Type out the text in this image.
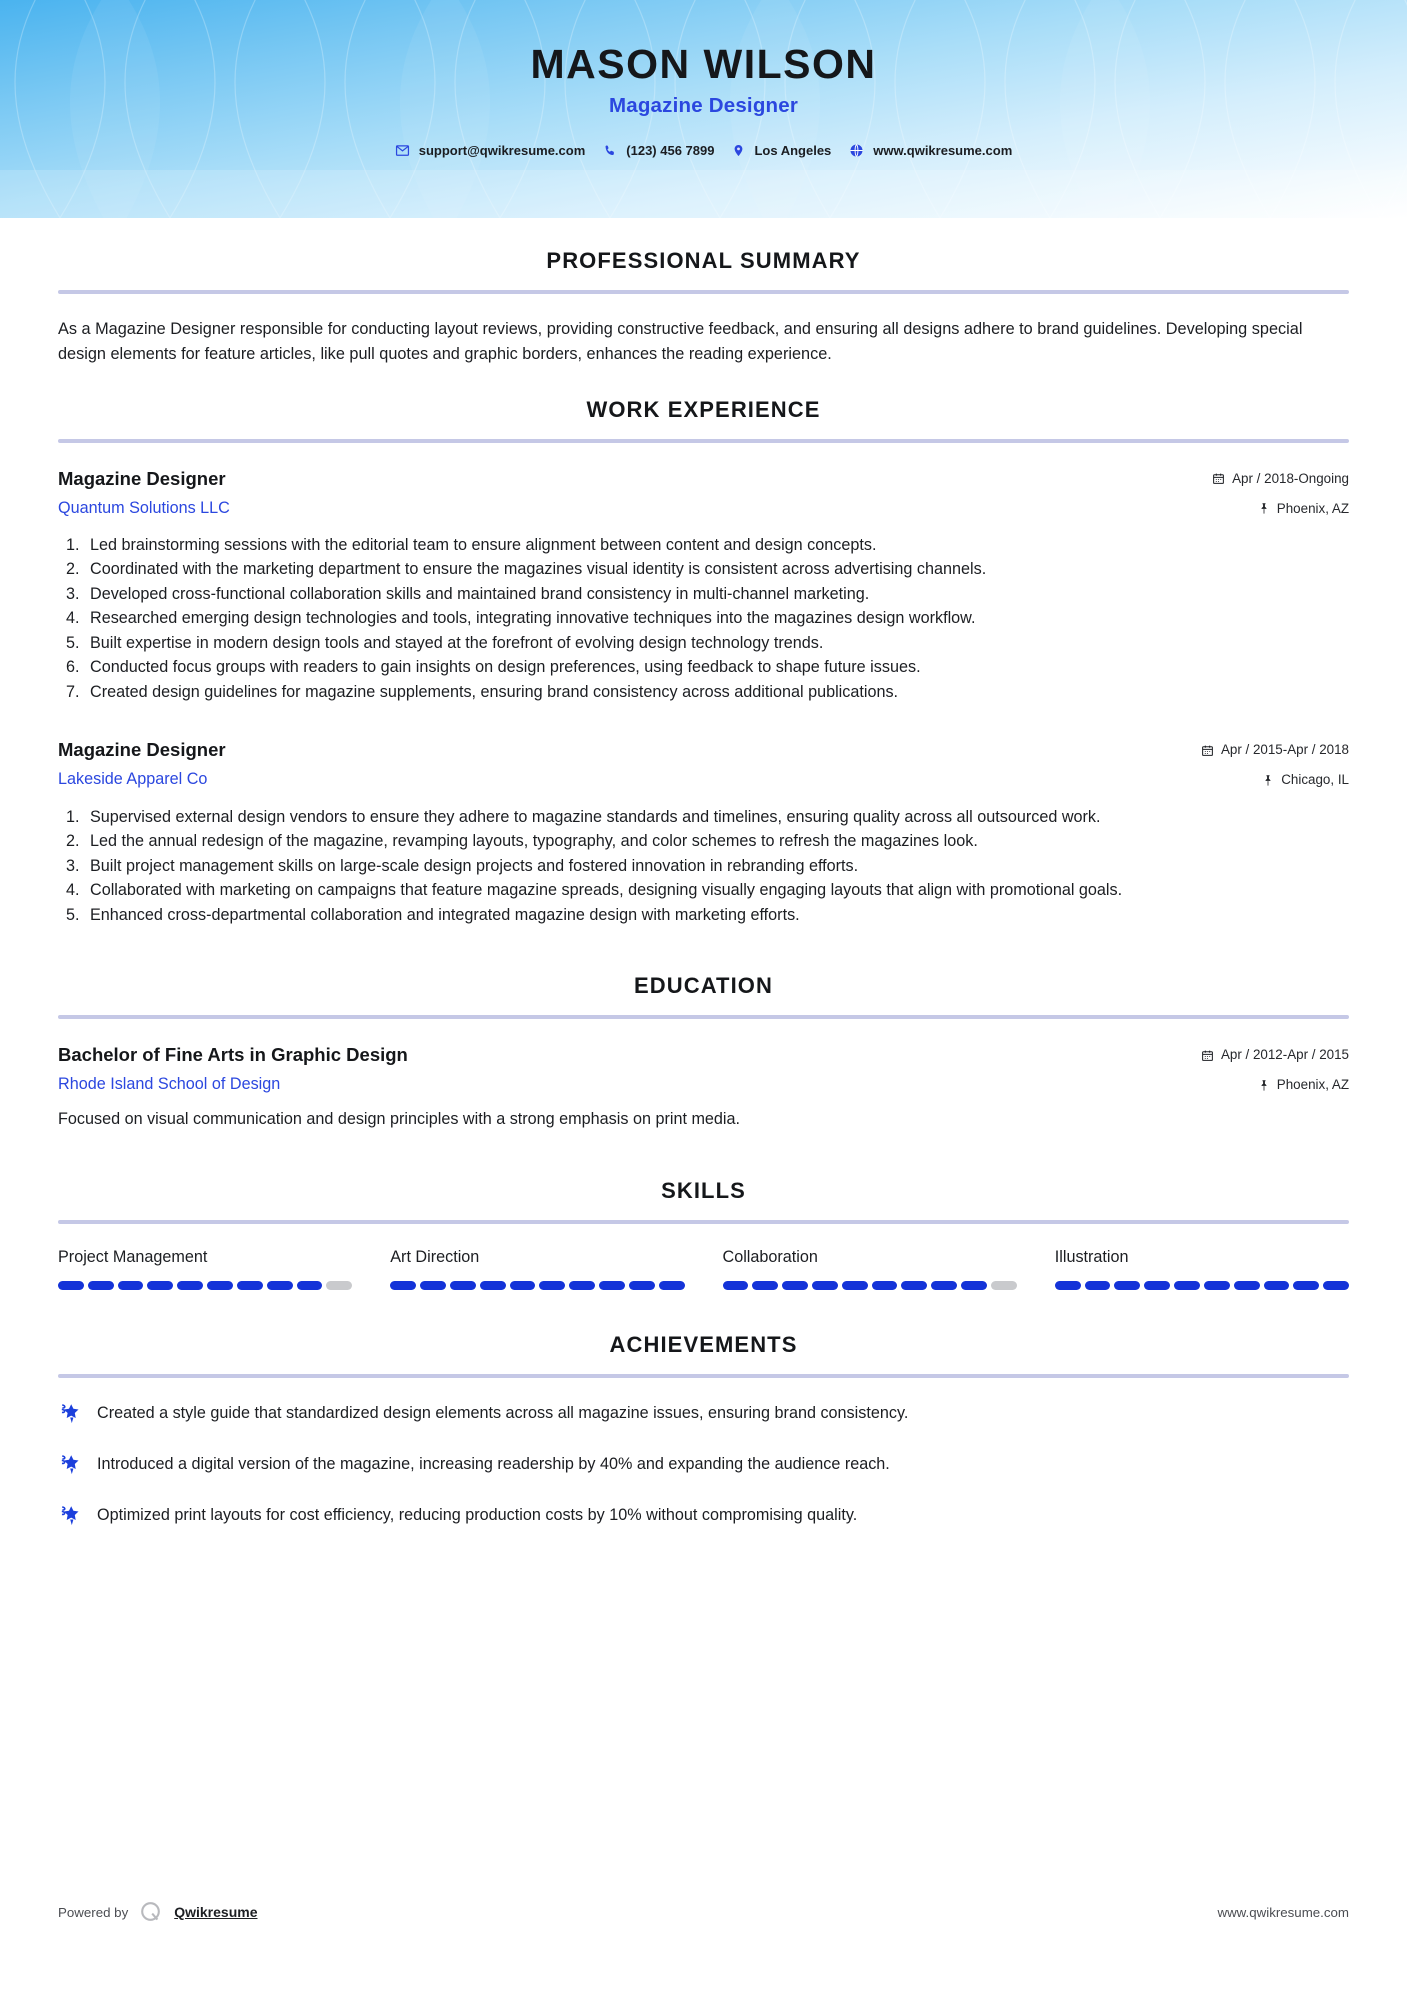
MASON WILSON
Magazine Designer
support@qwikresume.com	(123) 456 7899	Los Angeles	www.qwikresume.com
PROFESSIONAL SUMMARY

As a Magazine Designer responsible for conducting layout reviews, providing constructive feedback, and ensuring all designs adhere to brand guidelines. Developing special design elements for feature articles, like pull quotes and graphic borders, enhances the reading experience.

WORK EXPERIENCE
Magazine Designer
Quantum Solutions LLC
Apr / 2018-Ongoing
Phoenix, AZ
1. Led brainstorming sessions with the editorial team to ensure alignment between content and design concepts.
2. Coordinated with the marketing department to ensure the magazines visual identity is consistent across advertising channels.
3. Developed cross-functional collaboration skills and maintained brand consistency in multi-channel marketing.
4. Researched emerging design technologies and tools, integrating innovative techniques into the magazines design workflow.
5. Built expertise in modern design tools and stayed at the forefront of evolving design technology trends.
6. Conducted focus groups with readers to gain insights on design preferences, using feedback to shape future issues.
7. Created design guidelines for magazine supplements, ensuring brand consistency across additional publications.
Magazine Designer
Lakeside Apparel Co
Apr / 2015-Apr / 2018
Chicago, IL
1. Supervised external design vendors to ensure they adhere to magazine standards and timelines, ensuring quality across all outsourced work.
2. Led the annual redesign of the magazine, revamping layouts, typography, and color schemes to refresh the magazines look.
3. Built project management skills on large-scale design projects and fostered innovation in rebranding efforts.
4. Collaborated with marketing on campaigns that feature magazine spreads, designing visually engaging layouts that align with promotional goals.
5. Enhanced cross-departmental collaboration and integrated magazine design with marketing efforts.
EDUCATION
Bachelor of Fine Arts in Graphic Design
Rhode Island School of Design
Apr / 2012-Apr / 2015
Phoenix, AZ

Focused on visual communication and design principles with a strong emphasis on print media.

SKILLS
Project Management	Art Direction	Collaboration	Illustration
ACHIEVEMENTS
Created a style guide that standardized design elements across all magazine issues, ensuring brand consistency.
Introduced a digital version of the magazine, increasing readership by 40% and expanding the audience reach.
Optimized print layouts for cost efficiency, reducing production costs by 10% without compromising quality.
Powered by	Qwikresume	www.qwikresume.com
